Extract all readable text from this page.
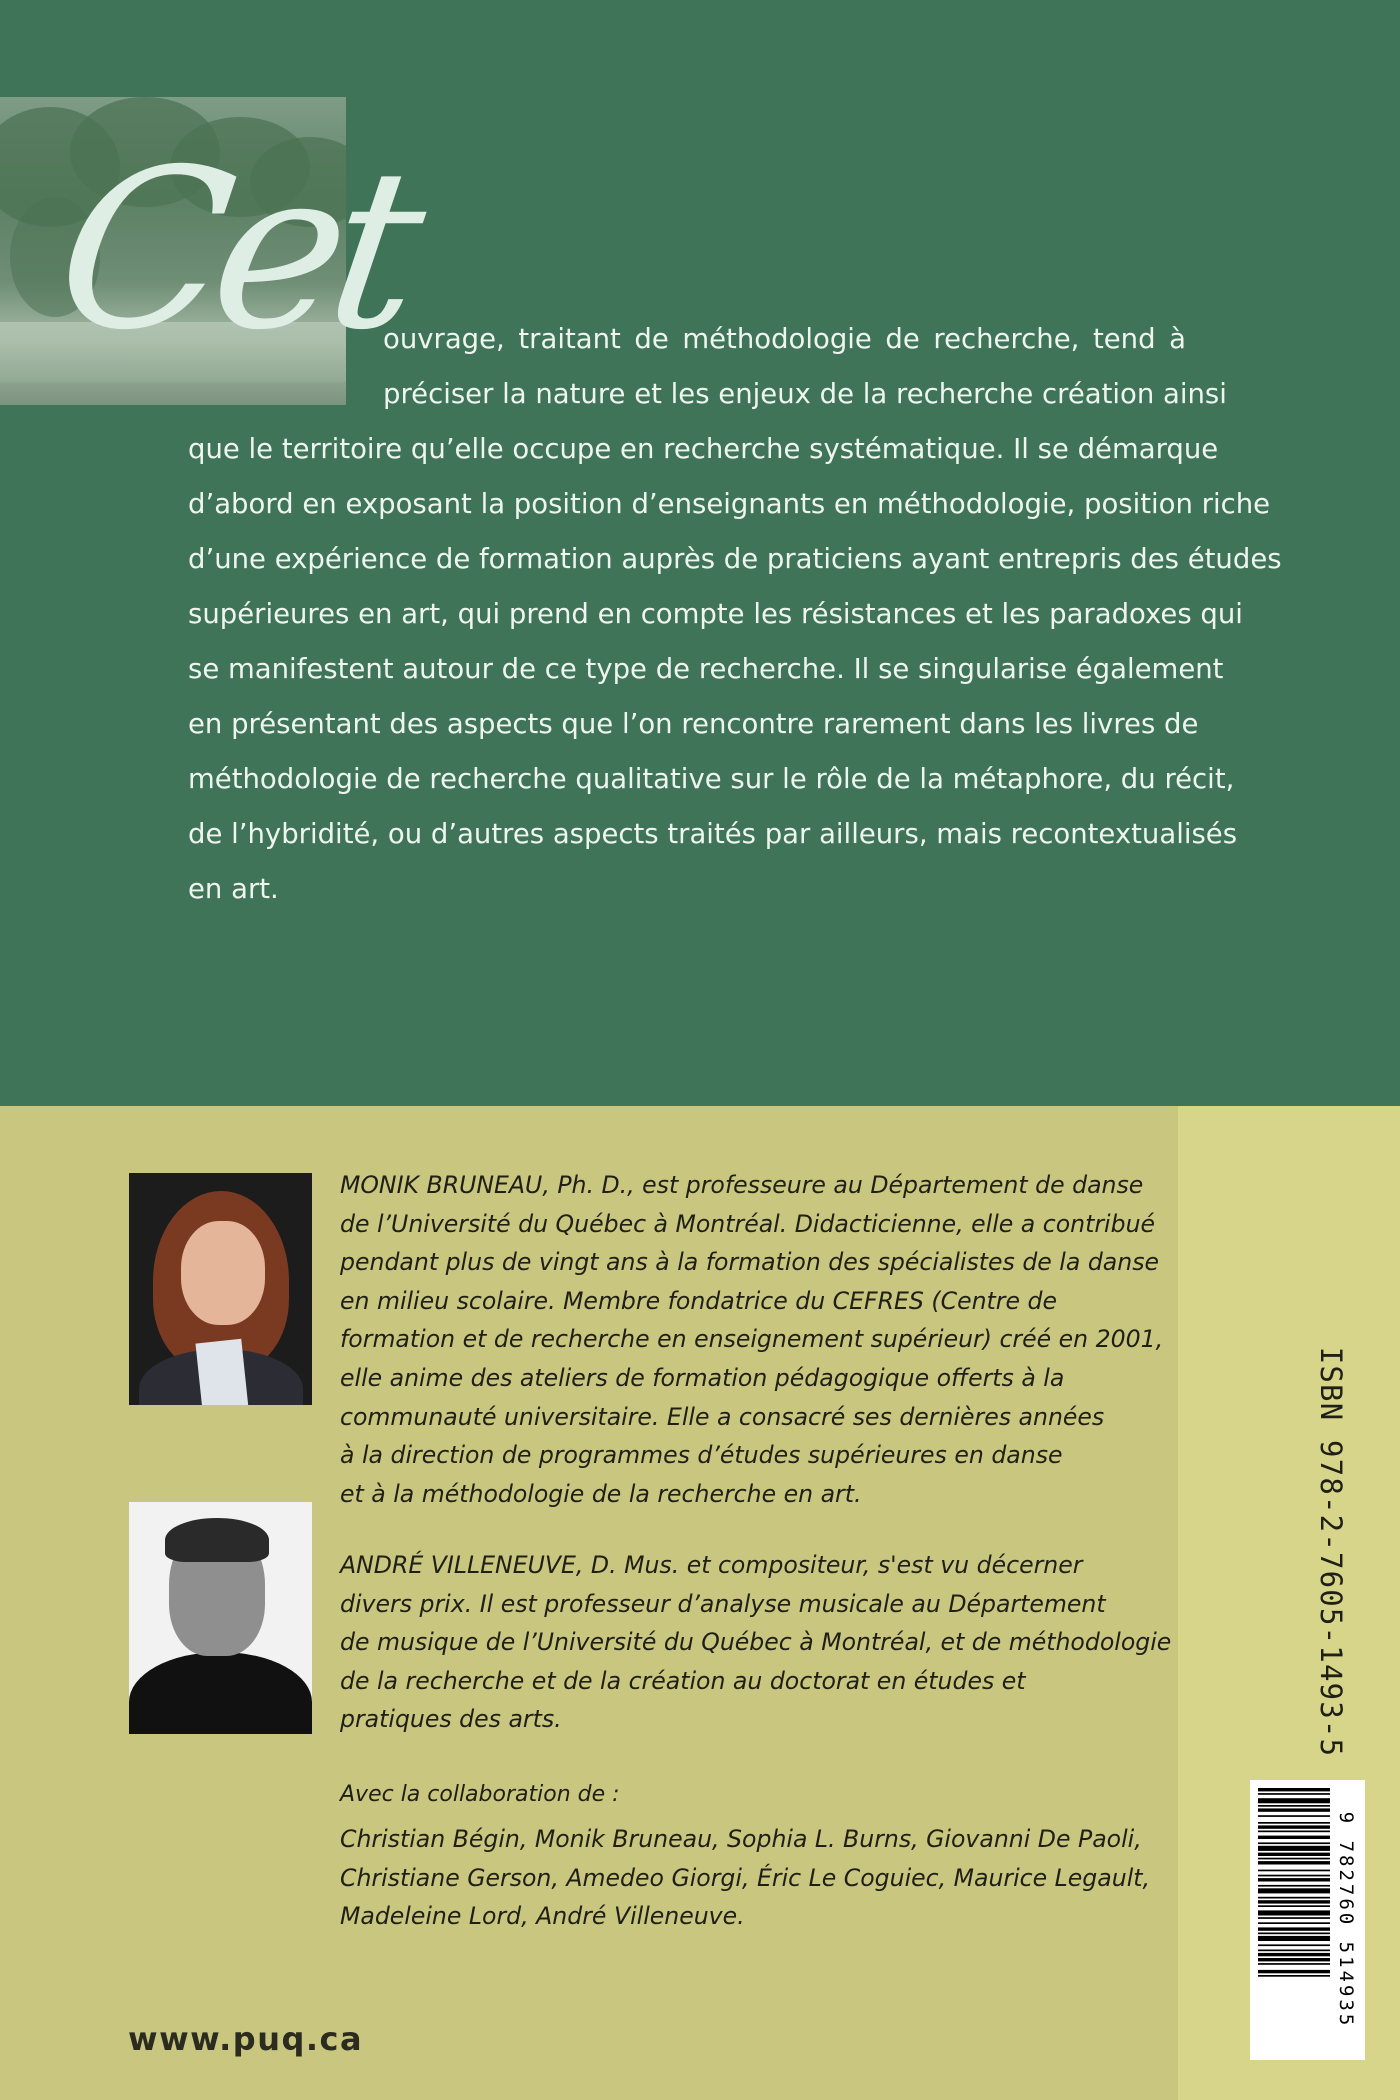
Cet
ouvrage, traitant de méthodologie de recherche, tend à
préciser la nature et les enjeux de la recherche création ainsi
que le territoire qu’elle occupe en recherche systématique. Il se démarque
d’abord en exposant la position d’enseignants en méthodologie, position riche
d’une expérience de formation auprès de praticiens ayant entrepris des études
supérieures en art, qui prend en compte les résistances et les paradoxes qui
se manifestent autour de ce type de recherche. Il se singularise également
en présentant des aspects que l’on rencontre rarement dans les livres de
méthodologie de recherche qualitative sur le rôle de la métaphore, du récit,
de l’hybridité, ou d’autres aspects traités par ailleurs, mais recontextualisés
en art.
MONIK BRUNEAU, Ph. D., est professeure au Département de danse
de l’Université du Québec à Montréal. Didacticienne, elle a contribué
pendant plus de vingt ans à la formation des spécialistes de la danse
en milieu scolaire. Membre fondatrice du CEFRES (Centre de
formation et de recherche en enseignement supérieur) créé en 2001,
elle anime des ateliers de formation pédagogique offerts à la
communauté universitaire. Elle a consacré ses dernières années
à la direction de programmes d’études supérieures en danse
et à la méthodologie de la recherche en art.
ANDRÉ VILLENEUVE, D. Mus. et compositeur, s'est vu décerner
divers prix. Il est professeur d’analyse musicale au Département
de musique de l’Université du Québec à Montréal, et de méthodologie
de la recherche et de la création au doctorat en études et
pratiques des arts.
Avec la collaboration de :
Christian Bégin, Monik Bruneau, Sophia L. Burns, Giovanni De Paoli,
Christiane Gerson, Amedeo Giorgi, Éric Le Coguiec, Maurice Legault,
Madeleine Lord, André Villeneuve.
www.puq.ca
ISBN 978-2-7605-1493-5
9 782760 514935
